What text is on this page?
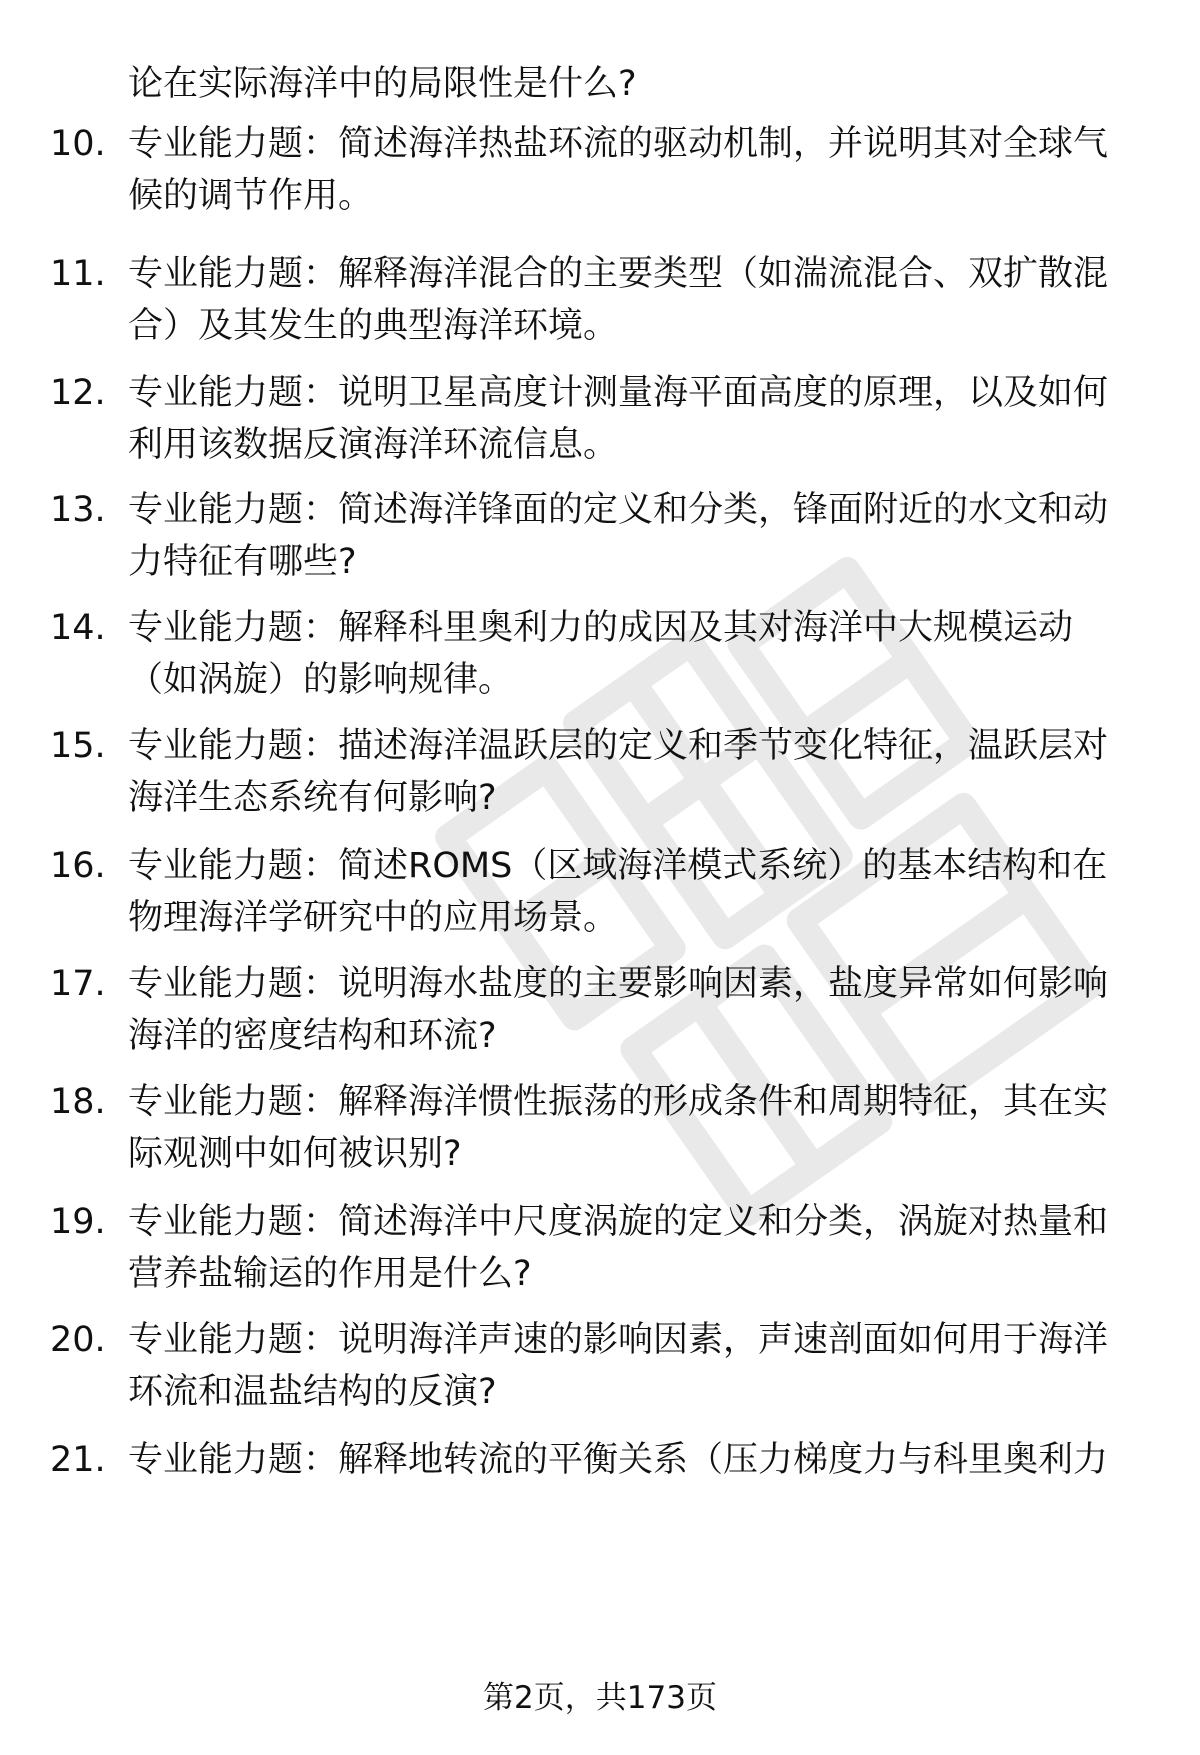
论在实际海洋中的局限性是什么?
10. 专业能力题：简述海洋热盐环流的驱动机制，并说明其对全球气
候的调节作用。
11. 专业能力题：解释海洋混合的主要类型（如湍流混合、双扩散混
合）及其发生的典型海洋环境。
12. 专业能力题：说明卫星高度计测量海平面高度的原理，以及如何
利用该数据反演海洋环流信息。
13. 专业能力题：简述海洋锋面的定义和分类，锋面附近的水文和动
力特征有哪些?
14. 专业能力题：解释科里奥利力的成因及其对海洋中大规模运动
（如涡旋）的影响规律。
15. 专业能力题：描述海洋温跃层的定义和季节变化特征，温跃层对
海洋生态系统有何影响?
16. 专业能力题：简述ROMS（区域海洋模式系统）的基本结构和在
物理海洋学研究中的应用场景。
17. 专业能力题：说明海水盐度的主要影响因素，盐度异常如何影响
海洋的密度结构和环流?
18. 专业能力题：解释海洋惯性振荡的形成条件和周期特征，其在实
际观测中如何被识别?
19. 专业能力题：简述海洋中尺度涡旋的定义和分类，涡旋对热量和
营养盐输运的作用是什么?
20. 专业能力题：说明海洋声速的影响因素，声速剖面如何用于海洋
环流和温盐结构的反演?
21. 专业能力题：解释地转流的平衡关系（压力梯度力与科里奥利力
第2页，共173页
